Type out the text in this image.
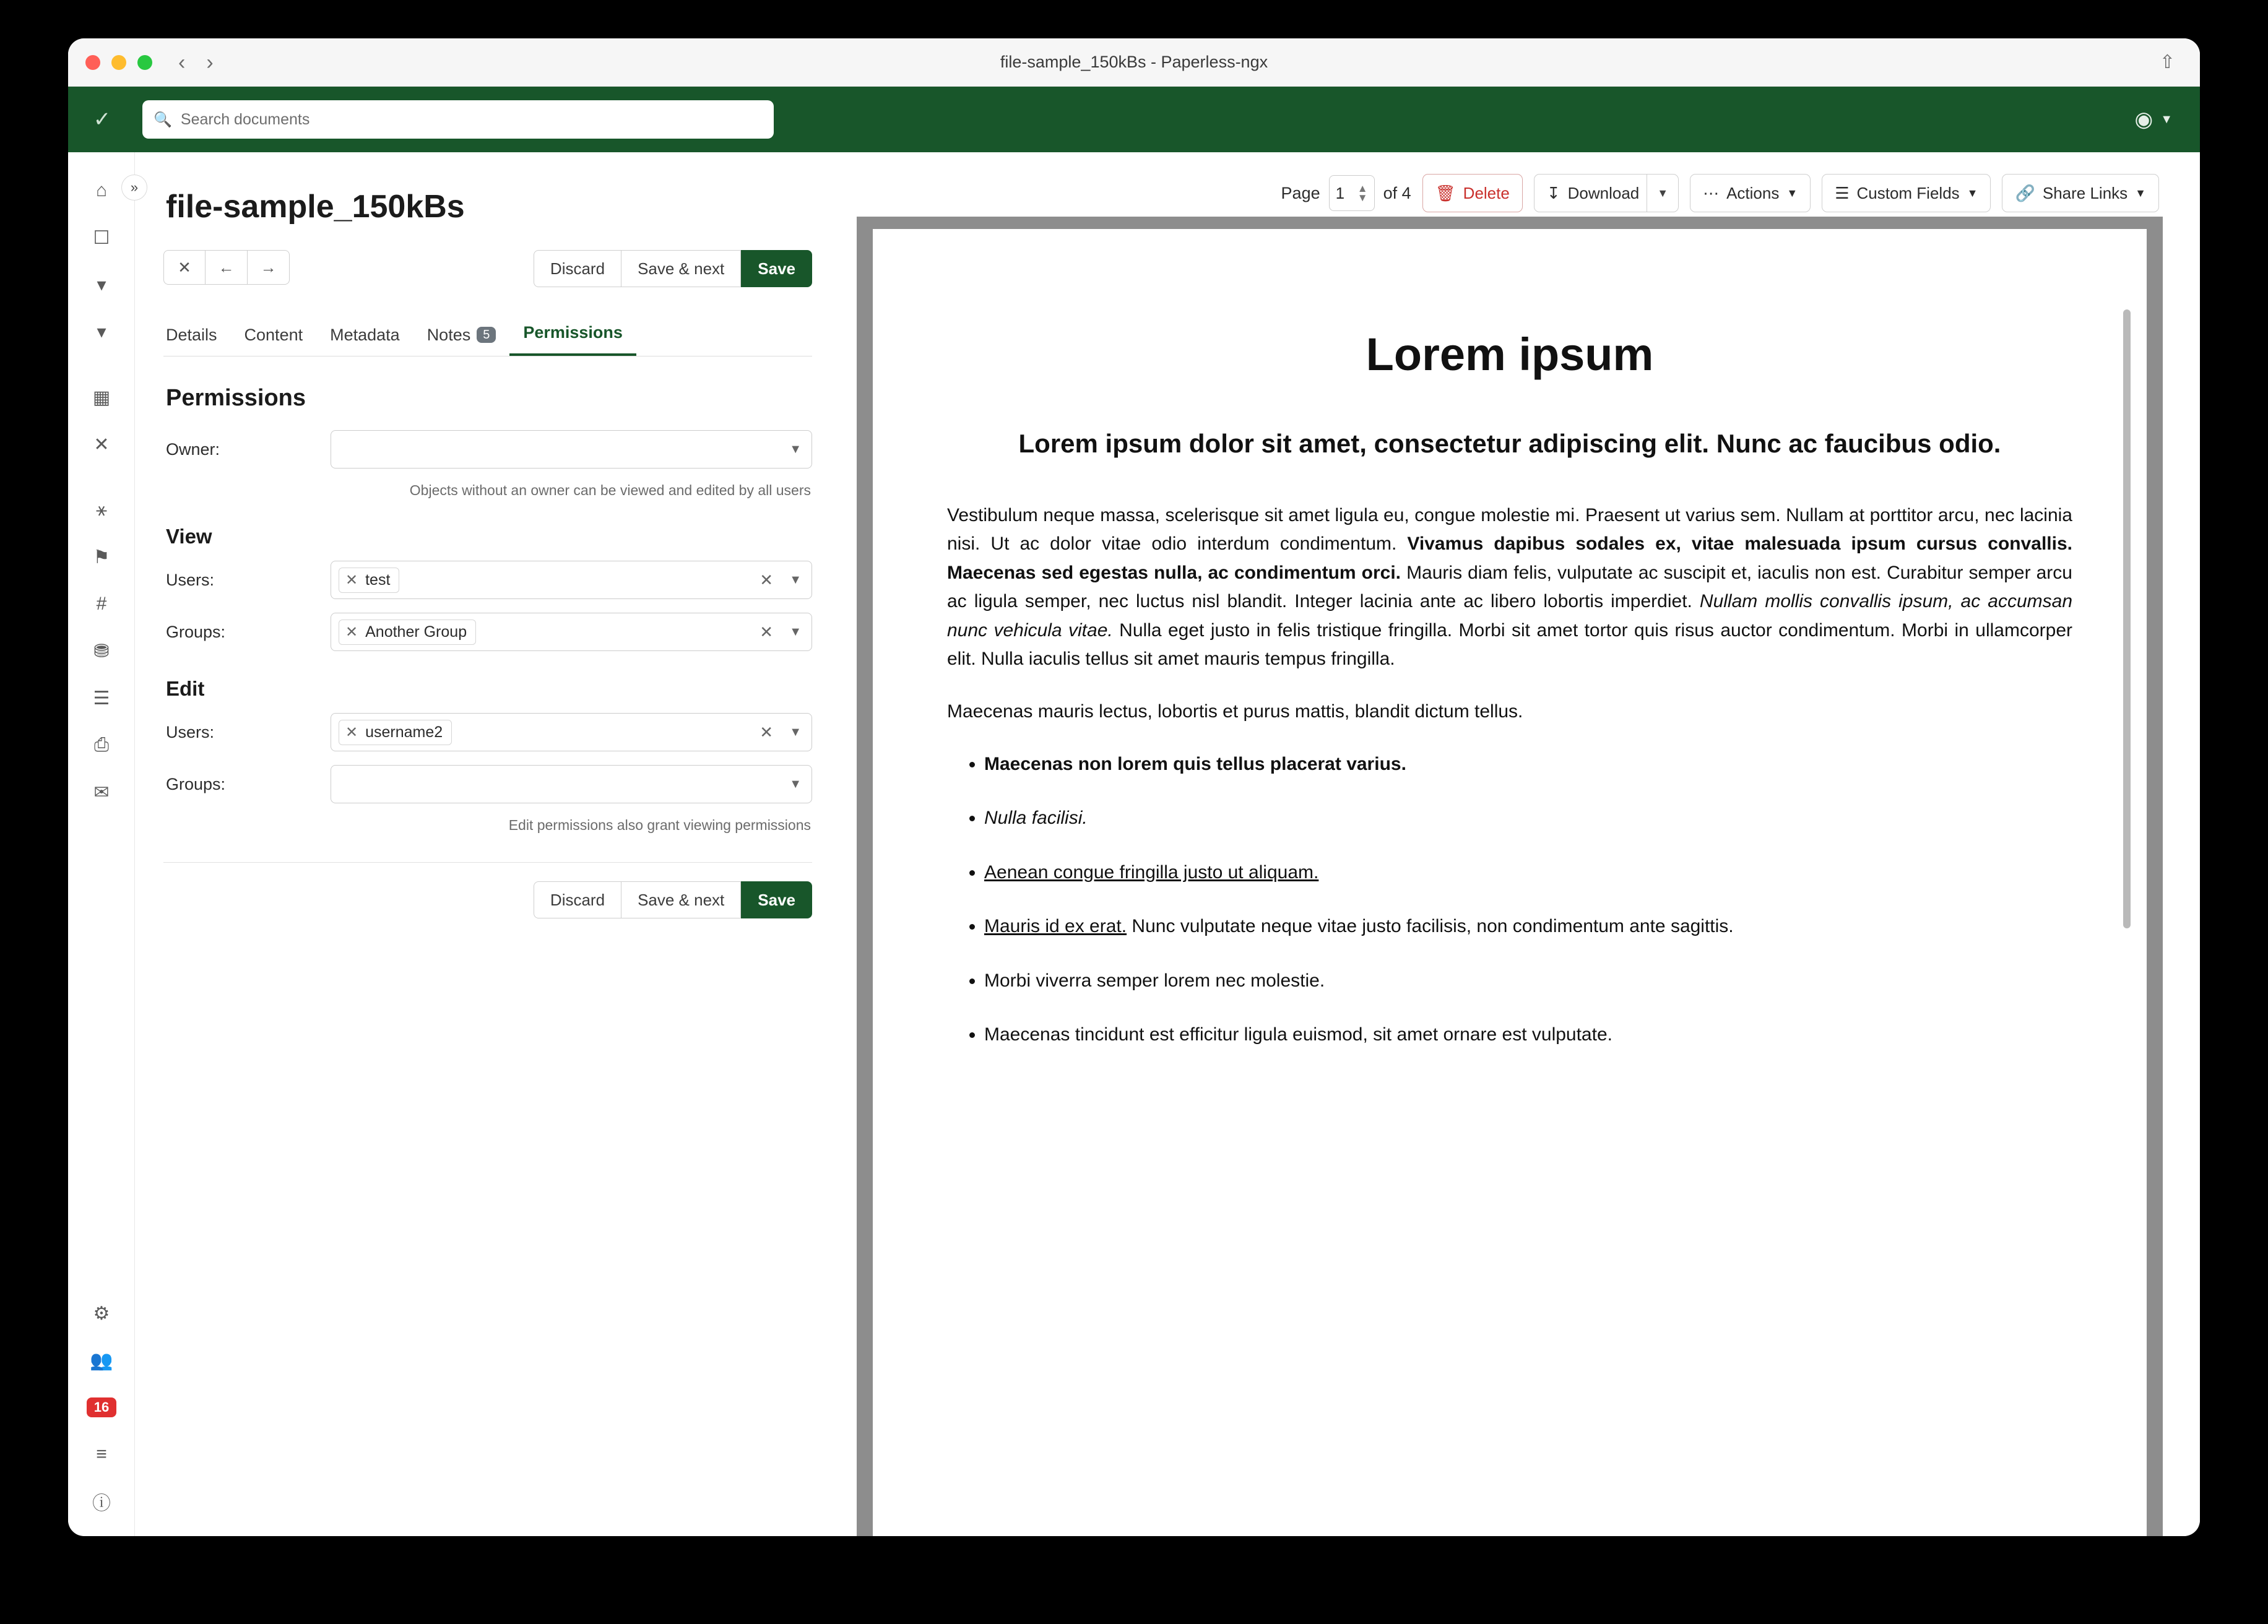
‹ ›	file-sample_150kBs - Paperless-ngx	⇧
✓	🔍 Search documents	◉ ▼
»
⌂
☐
▾
▾
▦
✕
⚹
⚑
#
⛃
☰
⎙
✉
⚙
👥
16
≡
ⓘ
file-sample_150kBs
✕	←	→	Discard	Save & next	Save
Details	Content	Metadata	Notes 5	Permissions
Permissions
Owner:	▼
Objects without an owner can be viewed and edited by all users
View
Users:	✕ test	✕ ▼
Groups:	✕ Another Group	✕ ▼
Edit
Users:	✕ username2	✕ ▼
Groups:	▼
Edit permissions also grant viewing permissions
Discard	Save & next	Save
Page 1 ▲
▼ of 4 🗑 Delete ↧ Download	▼	⋯ Actions ▼ ☰ Custom Fields ▼ 🔗 Share Links ▼
Lorem ipsum
Lorem ipsum dolor sit amet, consectetur adipiscing elit. Nunc ac faucibus odio.
Vestibulum neque massa, scelerisque sit amet ligula eu, congue molestie mi. Praesent ut varius sem. Nullam at porttitor arcu, nec lacinia nisi. Ut ac dolor vitae odio interdum condimentum. Vivamus dapibus sodales ex, vitae malesuada ipsum cursus convallis. Maecenas sed egestas nulla, ac condimentum orci. Mauris diam felis, vulputate ac suscipit et, iaculis non est. Curabitur semper arcu ac ligula semper, nec luctus nisl blandit. Integer lacinia ante ac libero lobortis imperdiet. Nullam mollis convallis ipsum, ac accumsan nunc vehicula vitae. Nulla eget justo in felis tristique fringilla. Morbi sit amet tortor quis risus auctor condimentum. Morbi in ullamcorper elit. Nulla iaculis tellus sit amet mauris tempus fringilla.
Maecenas mauris lectus, lobortis et purus mattis, blandit dictum tellus.
• Maecenas non lorem quis tellus placerat varius.
• Nulla facilisi.
• Aenean congue fringilla justo ut aliquam.
• Mauris id ex erat. Nunc vulputate neque vitae justo facilisis, non condimentum ante sagittis.
• Morbi viverra semper lorem nec molestie.
• Maecenas tincidunt est efficitur ligula euismod, sit amet ornare est vulputate.
